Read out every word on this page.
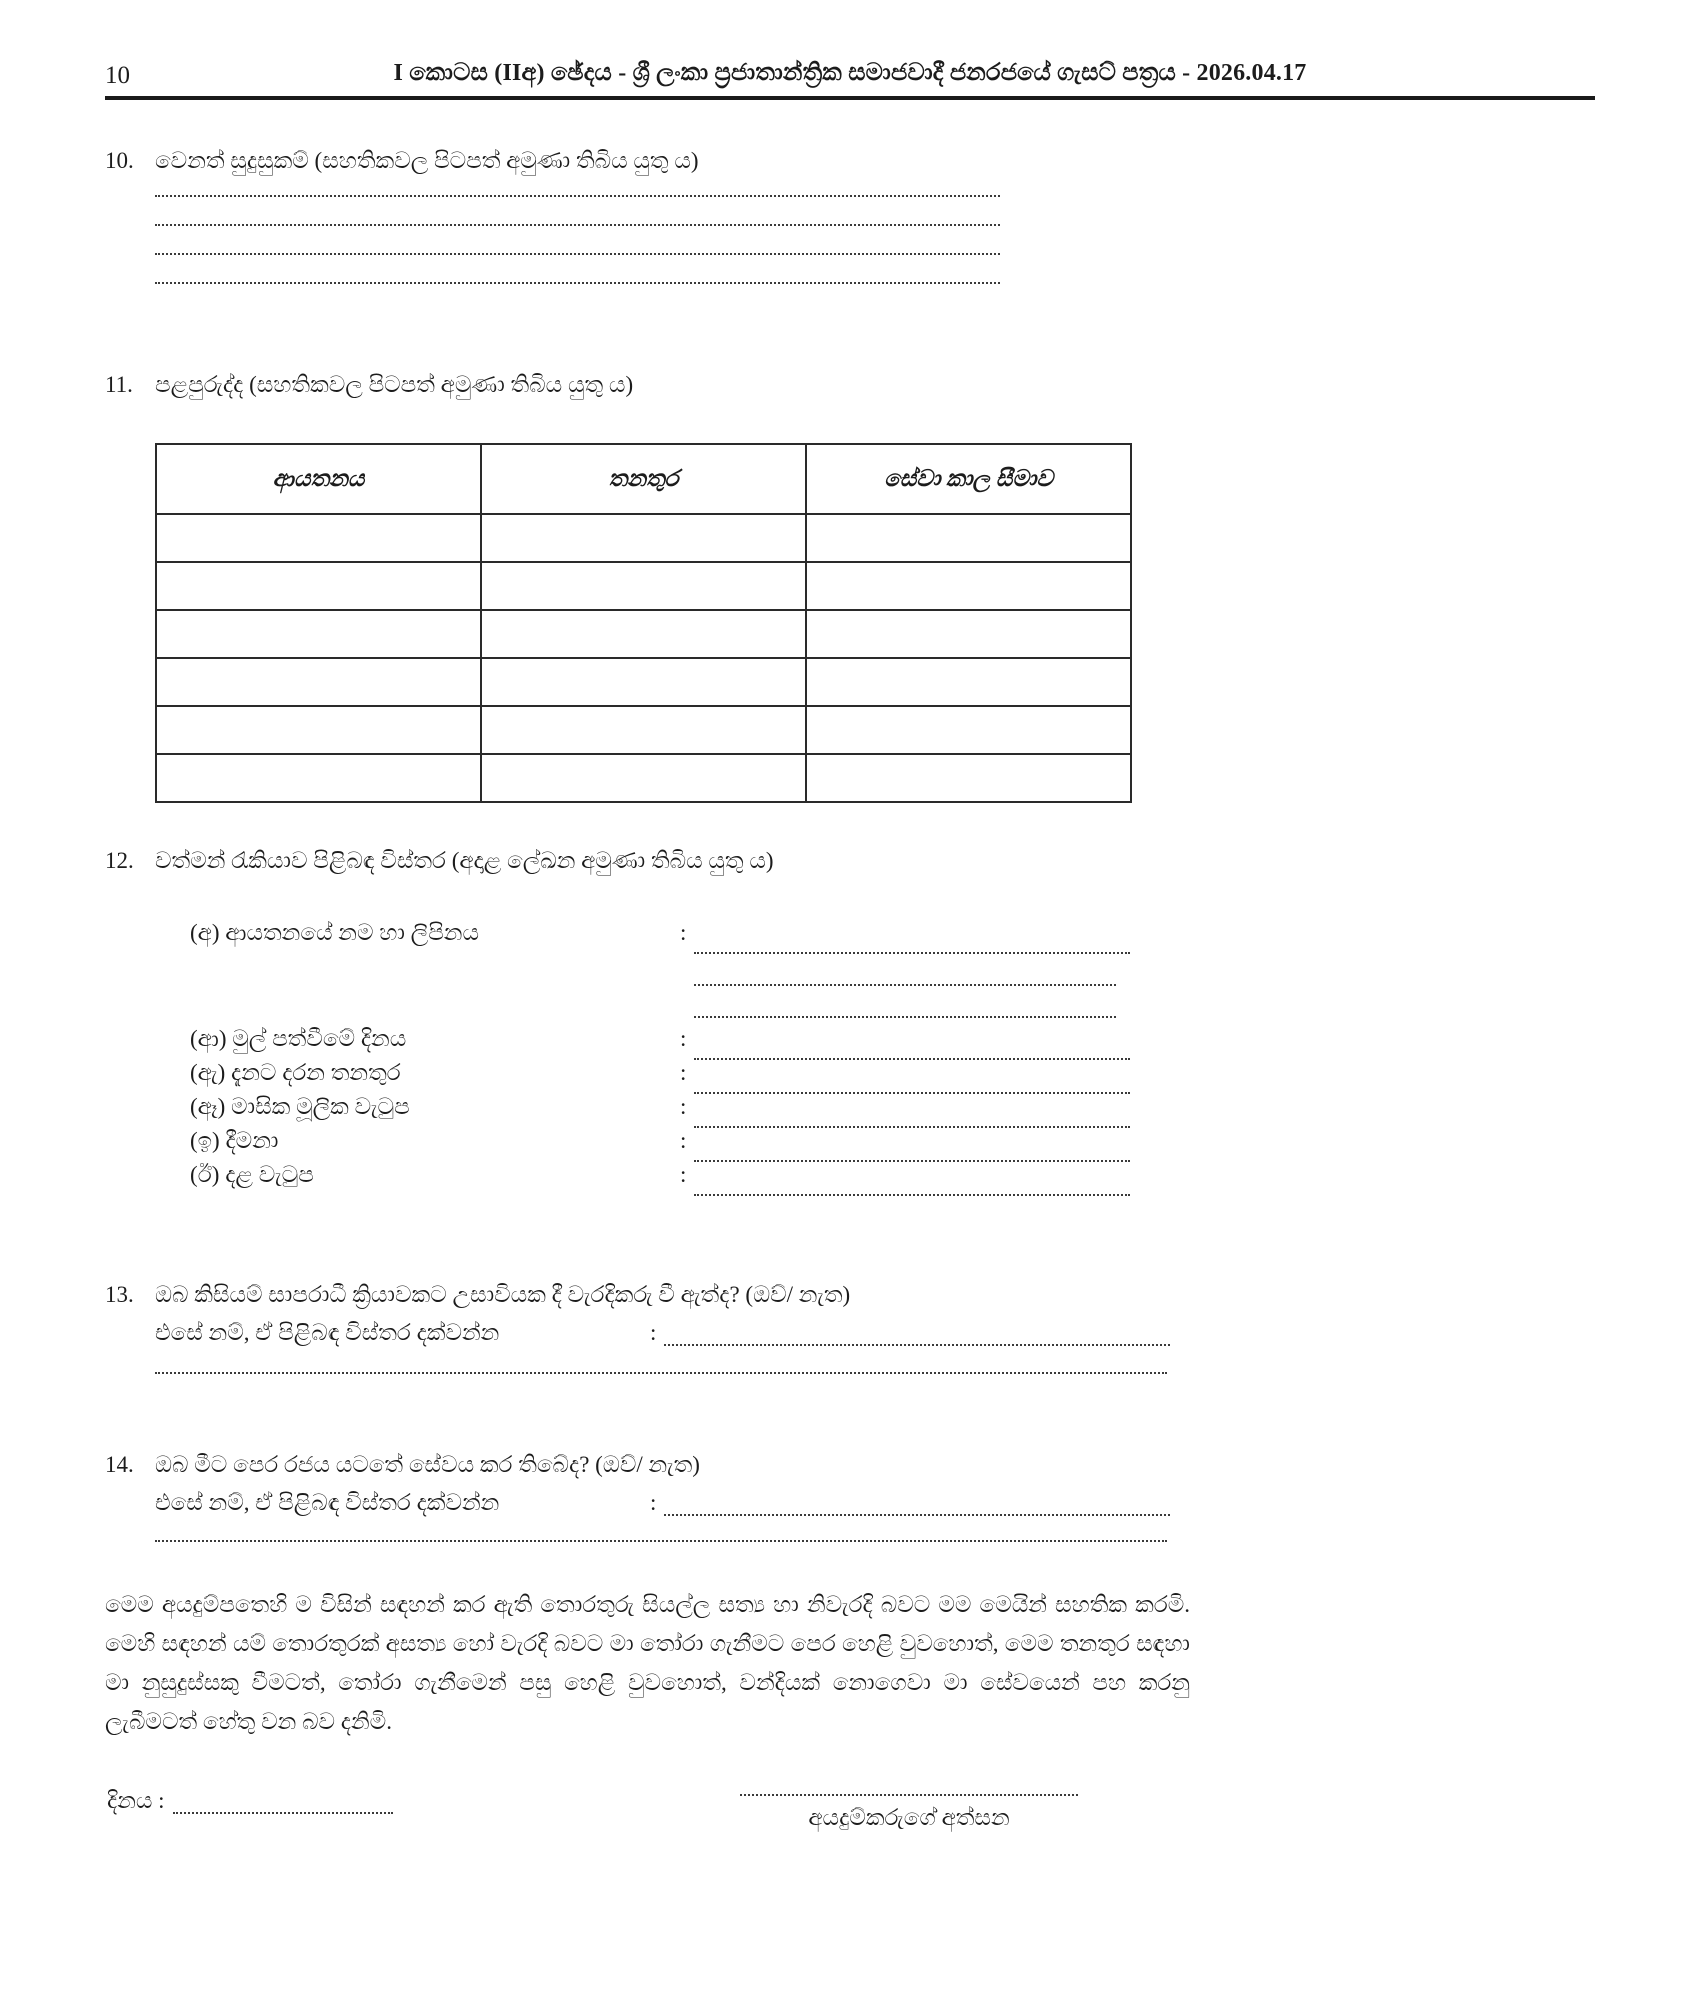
10	I කොටස (IIඅ) ඡේදය - ශ්‍රී ලංකා ප්‍රජාතාන්ත්‍රික සමාජවාදී ජනරජයේ ගැසට් පත්‍රය - 2026.04.17
10. වෙනත් සුදුසුකම් (සහතිකවල පිටපත් අමුණා තිබිය යුතු ය)
11. පළපුරුද්ද (සහතිකවල පිටපත් අමුණා තිබිය යුතු ය)
ආයතනය	තනතුර	සේවා කාල සීමාව

12. වත්මන් රැකියාව පිළිබඳ විස්තර (අදාළ ලේඛන අමුණා තිබිය යුතු ය)
(අ) ආයතනයේ නම හා ලිපිනය	:
(ආ) මුල් පත්වීමේ දිනය	:
(ඇ) දැනට දරන තනතුර	:
(ඈ) මාසික මූලික වැටුප	:
(ඉ) දීමනා	:
(ඊ) දළ වැටුප	:
13. ඔබ කිසියම් සාපරාධී ක්‍රියාවකට උසාවියක දී වැරදිකරු වී ඇත්ද? (ඔව්/ නැත)
එසේ නම්, ඒ පිළිබඳ විස්තර දක්වන්න	:
14. ඔබ මීට පෙර රජය යටතේ සේවය කර තිබේද? (ඔව්/ නැත)
එසේ නම්, ඒ පිළිබඳ විස්තර දක්වන්න	:

මෙම අයදුම්පතෙහි ම විසින් සඳහන් කර ඇති තොරතුරු සියල්ල සත්‍ය හා නිවැරදි බවට මම මෙයින් සහතික කරමි. මෙහි සඳහන් යම් තොරතුරක් අසත්‍ය හෝ වැරදි බවට මා තෝරා ගැනීමට පෙර හෙළි වුවහොත්, මෙම තනතුර සඳහා මා නුසුදුස්සකු වීමටත්, තෝරා ගැනීමෙන් පසු හෙළි වුවහොත්, වන්දියක් නොගෙවා මා සේවයෙන් පහ කරනු ලැබීමටත් හේතු වන බව දනිමි.

දිනය :
අයදුම්කරුගේ අත්සන
